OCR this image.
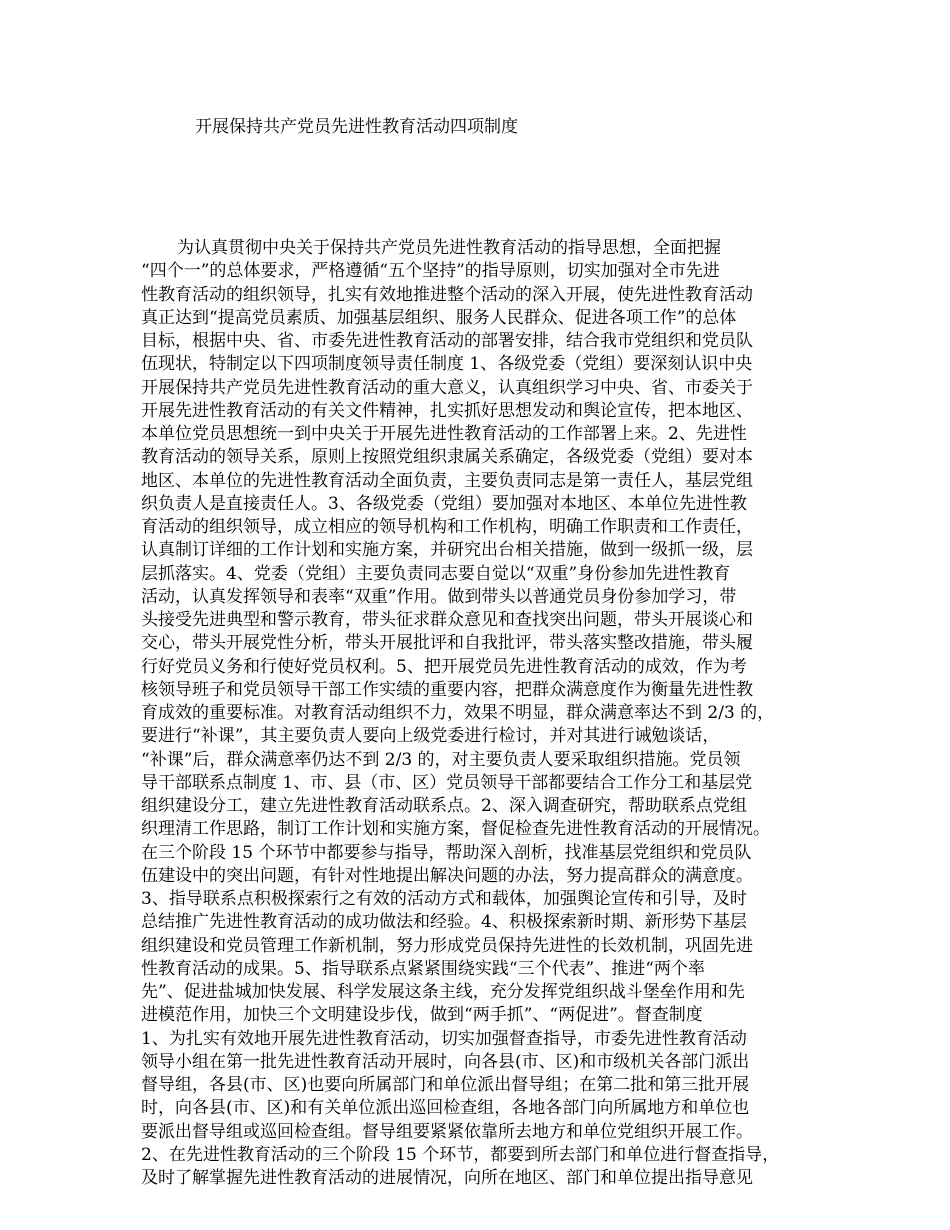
开展保持共产党员先进性教育活动四项制度
为认真贯彻中央关于保持共产党员先进性教育活动的指导思想，全面把握
“四个一”的总体要求，严格遵循“五个坚持”的指导原则，切实加强对全市先进
性教育活动的组织领导，扎实有效地推进整个活动的深入开展，使先进性教育活动
真正达到“提高党员素质、加强基层组织、服务人民群众、促进各项工作”的总体
目标，根据中央、省、市委先进性教育活动的部署安排，结合我市党组织和党员队
伍现状，特制定以下四项制度领导责任制度 1、各级党委（党组）要深刻认识中央
开展保持共产党员先进性教育活动的重大意义，认真组织学习中央、省、市委关于
开展先进性教育活动的有关文件精神，扎实抓好思想发动和舆论宣传，把本地区、
本单位党员思想统一到中央关于开展先进性教育活动的工作部署上来。2、先进性
教育活动的领导关系，原则上按照党组织隶属关系确定，各级党委（党组）要对本
地区、本单位的先进性教育活动全面负责，主要负责同志是第一责任人，基层党组
织负责人是直接责任人。3、各级党委（党组）要加强对本地区、本单位先进性教
育活动的组织领导，成立相应的领导机构和工作机构，明确工作职责和工作责任，
认真制订详细的工作计划和实施方案，并研究出台相关措施，做到一级抓一级，层
层抓落实。4、党委（党组）主要负责同志要自觉以“双重”身份参加先进性教育
活动，认真发挥领导和表率“双重”作用。做到带头以普通党员身份参加学习，带
头接受先进典型和警示教育，带头征求群众意见和查找突出问题，带头开展谈心和
交心，带头开展党性分析，带头开展批评和自我批评，带头落实整改措施，带头履
行好党员义务和行使好党员权利。5、把开展党员先进性教育活动的成效，作为考
核领导班子和党员领导干部工作实绩的重要内容，把群众满意度作为衡量先进性教
育成效的重要标准。对教育活动组织不力，效果不明显，群众满意率达不到 2/3 的，
要进行“补课”，其主要负责人要向上级党委进行检讨，并对其进行诫勉谈话，
“补课”后，群众满意率仍达不到 2/3 的，对主要负责人要采取组织措施。党员领
导干部联系点制度 1、市、县（市、区）党员领导干部都要结合工作分工和基层党
组织建设分工，建立先进性教育活动联系点。2、深入调查研究，帮助联系点党组
织理清工作思路，制订工作计划和实施方案，督促检查先进性教育活动的开展情况。
在三个阶段 15 个环节中都要参与指导，帮助深入剖析，找准基层党组织和党员队
伍建设中的突出问题，有针对性地提出解决问题的办法，努力提高群众的满意度。
3、指导联系点积极探索行之有效的活动方式和载体，加强舆论宣传和引导，及时
总结推广先进性教育活动的成功做法和经验。4、积极探索新时期、新形势下基层
组织建设和党员管理工作新机制，努力形成党员保持先进性的长效机制，巩固先进
性教育活动的成果。5、指导联系点紧紧围绕实践“三个代表”、推进“两个率
先”、促进盐城加快发展、科学发展这条主线，充分发挥党组织战斗堡垒作用和先
进模范作用，加快三个文明建设步伐，做到“两手抓”、“两促进”。督查制度
1、为扎实有效地开展先进性教育活动，切实加强督查指导，市委先进性教育活动
领导小组在第一批先进性教育活动开展时，向各县(市、区)和市级机关各部门派出
督导组，各县(市、区)也要向所属部门和单位派出督导组；在第二批和第三批开展
时，向各县(市、区)和有关单位派出巡回检查组，各地各部门向所属地方和单位也
要派出督导组或巡回检查组。督导组要紧紧依靠所去地方和单位党组织开展工作。
2、在先进性教育活动的三个阶段 15 个环节，都要到所去部门和单位进行督查指导，
及时了解掌握先进性教育活动的进展情况，向所在地区、部门和单位提出指导意见
